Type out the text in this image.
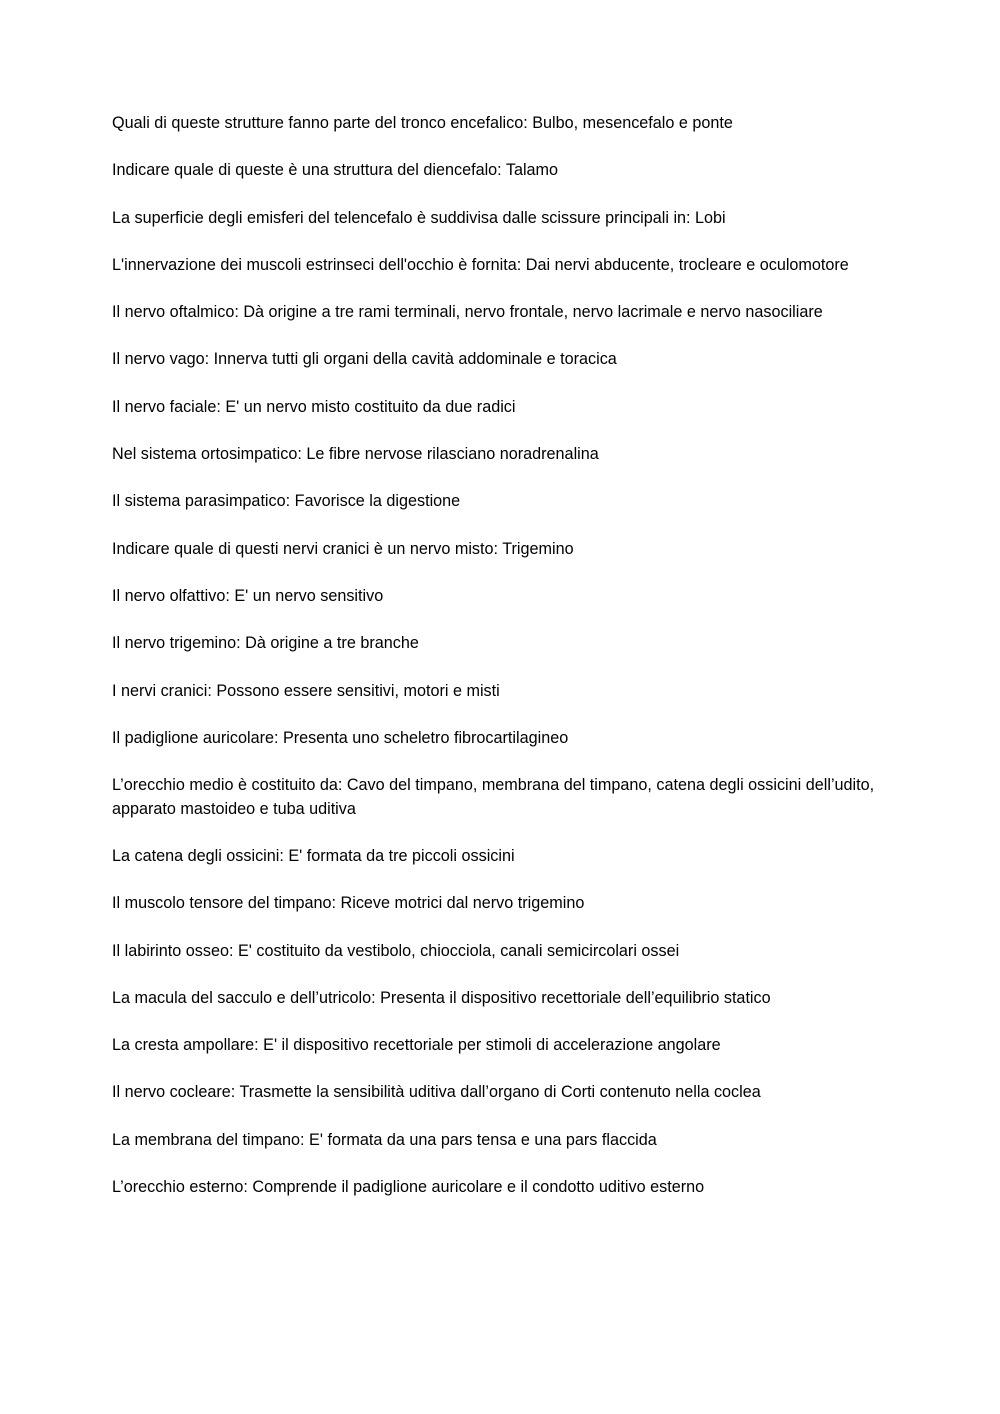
Quali di queste strutture fanno parte del tronco encefalico: Bulbo, mesencefalo e ponte

Indicare quale di queste è una struttura del diencefalo: Talamo

La superficie degli emisferi del telencefalo è suddivisa dalle scissure principali in: Lobi

L'innervazione dei muscoli estrinseci dell'occhio è fornita: Dai nervi abducente, trocleare e oculomotore

Il nervo oftalmico: Dà origine a tre rami terminali, nervo frontale, nervo lacrimale e nervo nasociliare

Il nervo vago: Innerva tutti gli organi della cavità addominale e toracica

Il nervo faciale: E' un nervo misto costituito da due radici

Nel sistema ortosimpatico: Le fibre nervose rilasciano noradrenalina

Il sistema parasimpatico: Favorisce la digestione

Indicare quale di questi nervi cranici è un nervo misto: Trigemino

Il nervo olfattivo: E' un nervo sensitivo

Il nervo trigemino: Dà origine a tre branche

I nervi cranici: Possono essere sensitivi, motori e misti

Il padiglione auricolare: Presenta uno scheletro fibrocartilagineo

L’orecchio medio è costituito da: Cavo del timpano, membrana del timpano, catena degli ossicini dell’udito, apparato mastoideo e tuba uditiva

La catena degli ossicini: E' formata da tre piccoli ossicini

Il muscolo tensore del timpano: Riceve motrici dal nervo trigemino

Il labirinto osseo: E' costituito da vestibolo, chiocciola, canali semicircolari ossei

La macula del sacculo e dell’utricolo: Presenta il dispositivo recettoriale dell’equilibrio statico

La cresta ampollare: E' il dispositivo recettoriale per stimoli di accelerazione angolare

Il nervo cocleare: Trasmette la sensibilità uditiva dall’organo di Corti contenuto nella coclea

La membrana del timpano: E' formata da una pars tensa e una pars flaccida

L’orecchio esterno: Comprende il padiglione auricolare e il condotto uditivo esterno
